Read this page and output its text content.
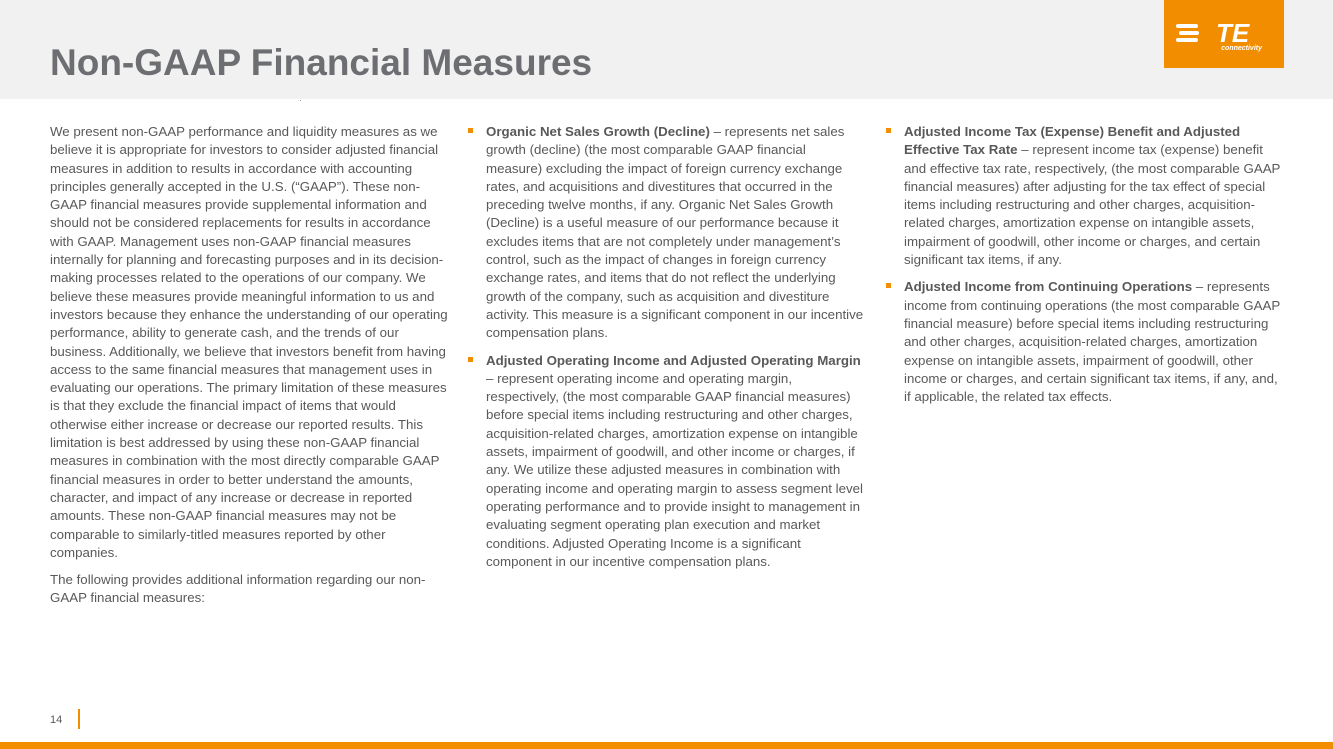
Non-GAAP Financial Measures
TE
connectivity

We present non-GAAP performance and liquidity measures as we believe it is appropriate for investors to consider adjusted financial measures in addition to results in accordance with accounting principles generally accepted in the U.S. (“GAAP”). These non-GAAP financial measures provide supplemental information and should not be considered replacements for results in accordance with GAAP. Management uses non-GAAP financial measures internally for planning and forecasting purposes and in its decision-making processes related to the operations of our company. We believe these measures provide meaningful information to us and investors because they enhance the understanding of our operating performance, ability to generate cash, and the trends of our business. Additionally, we believe that investors benefit from having access to the same financial measures that management uses in evaluating our operations. The primary limitation of these measures is that they exclude the financial impact of items that would otherwise either increase or decrease our reported results. This limitation is best addressed by using these non-GAAP financial measures in combination with the most directly comparable GAAP financial measures in order to better understand the amounts, character, and impact of any increase or decrease in reported amounts. These non-GAAP financial measures may not be comparable to similarly-titled measures reported by other companies.

The following provides additional information regarding our non-GAAP financial measures:

Organic Net Sales Growth (Decline) – represents net sales growth (decline) (the most comparable GAAP financial measure) excluding the impact of foreign currency exchange rates, and acquisitions and divestitures that occurred in the preceding twelve months, if any. Organic Net Sales Growth (Decline) is a useful measure of our performance because it excludes items that are not completely under management’s control, such as the impact of changes in foreign currency exchange rates, and items that do not reflect the underlying growth of the company, such as acquisition and divestiture activity. This measure is a significant component in our incentive compensation plans.
Adjusted Operating Income and Adjusted Operating Margin – represent operating income and operating margin, respectively, (the most comparable GAAP financial measures) before special items including restructuring and other charges, acquisition-related charges, amortization expense on intangible assets, impairment of goodwill, and other income or charges, if any. We utilize these adjusted measures in combination with operating income and operating margin to assess segment level operating performance and to provide insight to management in evaluating segment operating plan execution and market conditions. Adjusted Operating Income is a significant component in our incentive compensation plans.
Adjusted Income Tax (Expense) Benefit and Adjusted Effective Tax Rate – represent income tax (expense) benefit and effective tax rate, respectively, (the most comparable GAAP financial measures) after adjusting for the tax effect of special items including restructuring and other charges, acquisition-related charges, amortization expense on intangible assets, impairment of goodwill, other income or charges, and certain significant tax items, if any.
Adjusted Income from Continuing Operations – represents income from continuing operations (the most comparable GAAP financial measure) before special items including restructuring and other charges, acquisition-related charges, amortization expense on intangible assets, impairment of goodwill, other income or charges, and certain significant tax items, if any, and, if applicable, the related tax effects.
14
